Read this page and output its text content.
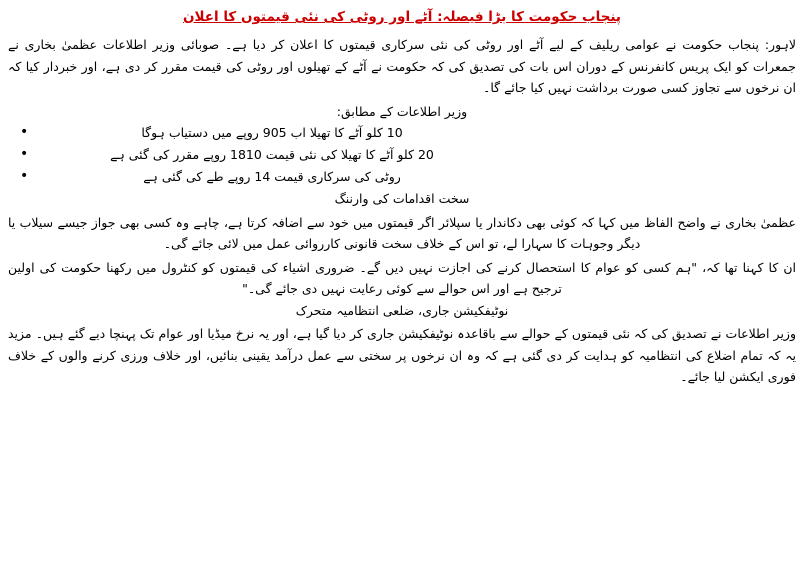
پنجاب حکومت کا بڑا فیصلہ: آٹے اور روٹی کی نئی قیمتوں کا اعلان

لاہور: پنجاب حکومت نے عوامی ریلیف کے لیے آٹے اور روٹی کی نئی سرکاری قیمتوں کا اعلان کر دیا ہے۔ صوبائی وزیر اطلاعات عظمیٰ بخاری نے جمعرات کو ایک پریس کانفرنس کے دوران اس بات کی تصدیق کی کہ حکومت نے آٹے کے تھیلوں اور روٹی کی قیمت مقرر کر دی ہے، اور خبردار کیا کہ ان نرخوں سے تجاوز کسی صورت برداشت نہیں کیا جائے گا۔

وزیر اطلاعات کے مطابق:
•	10 کلو آٹے کا تھیلا اب 905 روپے میں دستیاب ہوگا
•	20 کلو آٹے کا تھیلا کی نئی قیمت 1810 روپے مقرر کی گئی ہے
•	روٹی کی سرکاری قیمت 14 روپے طے کی گئی ہے
سخت اقدامات کی وارننگ

عظمیٰ بخاری نے واضح الفاظ میں کہا کہ کوئی بھی دکاندار یا سپلائر اگر قیمتوں میں خود سے اضافہ کرتا ہے، چاہے وہ کسی بھی جواز جیسے سیلاب یا دیگر وجوہات کا سہارا لے، تو اس کے خلاف سخت قانونی کارروائی عمل میں لائی جائے گی۔

ان کا کہنا تھا کہ، "ہم کسی کو عوام کا استحصال کرنے کی اجازت نہیں دیں گے۔ ضروری اشیاء کی قیمتوں کو کنٹرول میں رکھنا حکومت کی اولین ترجیح ہے اور اس حوالے سے کوئی رعایت نہیں دی جائے گی۔"

نوٹیفکیشن جاری، ضلعی انتظامیہ متحرک

وزیر اطلاعات نے تصدیق کی کہ نئی قیمتوں کے حوالے سے باقاعدہ نوٹیفکیشن جاری کر دیا گیا ہے، اور یہ نرخ میڈیا اور عوام تک پہنچا دیے گئے ہیں۔ مزید یہ کہ تمام اضلاع کی انتظامیہ کو ہدایت کر دی گئی ہے کہ وہ ان نرخوں پر سختی سے عمل درآمد یقینی بنائیں، اور خلاف ورزی کرنے والوں کے خلاف فوری ایکشن لیا جائے۔
